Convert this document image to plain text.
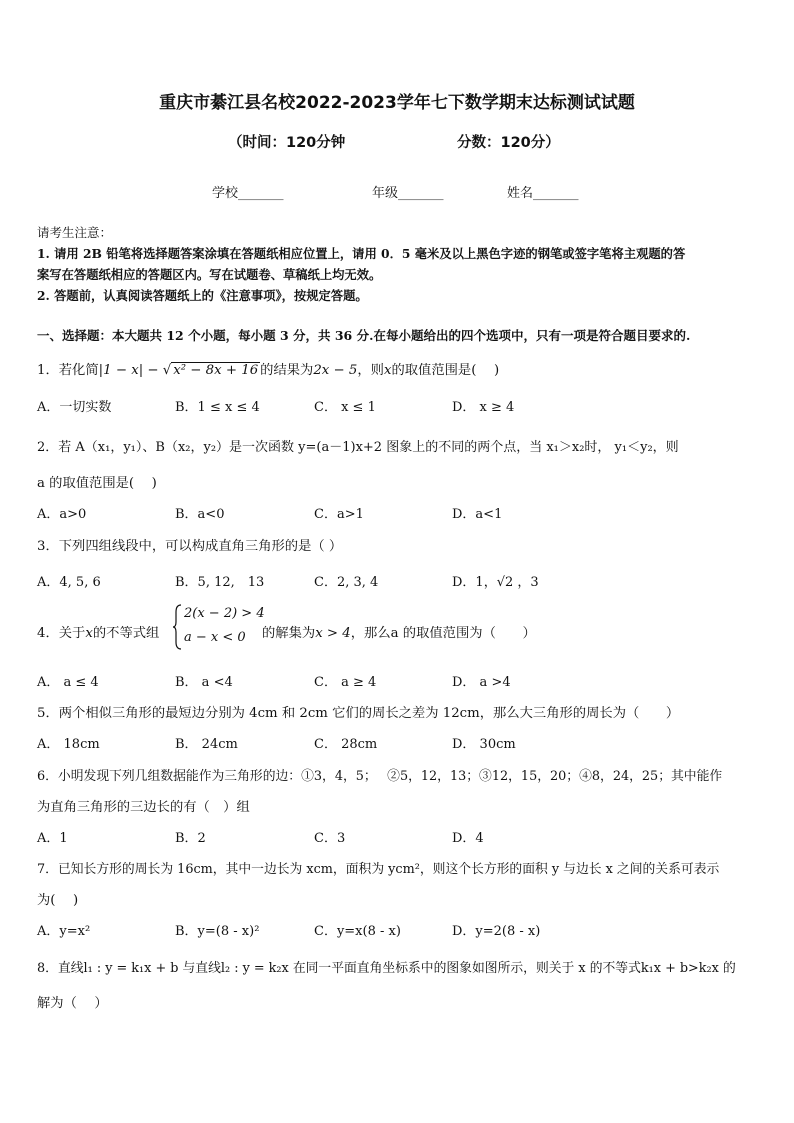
重庆市綦江县名校2022-2023学年七下数学期末达标测试试题
（时间：120分钟	分数：120分）
学校_______	年级_______	姓名_______
请考生注意：
1. 请用 2B 铅笔将选择题答案涂填在答题纸相应位置上，请用 0．5 毫米及以上黑色字迹的钢笔或签字笔将主观题的答
案写在答题纸相应的答题区内。写在试题卷、草稿纸上均无效。
2. 答题前，认真阅读答题纸上的《注意事项》，按规定答题。
一、选择题：本大题共 12 个小题，每小题 3 分，共 36 分.在每小题给出的四个选项中，只有一项是符合题目要求的.
1．若化简|1 − x| − √ x² − 8x + 16 的结果为2x − 5，则x的取值范围是(　 )
A．一切实数	B．1 ≤ x ≤ 4	C． x ≤ 1	D． x ≥ 4
2．若 A（x₁，y₁）、B（x₂，y₂）是一次函数 y=(a－1)x+2 图象上的不同的两个点，当 x₁＞x₂时， y₁＜y₂，则
a 的取值范围是(　 )
A．a>0	B．a<0	C．a>1	D．a<1
3．下列四组线段中，可以构成直角三角形的是（ ）
A．4, 5, 6	B．5, 12,　13	C．2, 3, 4	D．1，√2 ，3
4．关于x的不等式组
2(x − 2) > 4
a − x < 0 的解集为x > 4，那么a 的取值范围为（　　）
A． a ≤ 4	B． a <4	C． a ≥ 4	D． a >4
5．两个相似三角形的最短边分别为 4cm 和 2cm 它们的周长之差为 12cm，那么大三角形的周长为（　　）
A． 18cm	B． 24cm	C． 28cm	D． 30cm
6．小明发现下列几组数据能作为三角形的边：①3，4，5；　 ②5，12，13；③12，15，20；④8，24，25；其中能作
为直角三角形的三边长的有（　）组
A．1	B．2	C．3	D．4
7．已知长方形的周长为 16cm，其中一边长为 xcm，面积为 ycm²，则这个长方形的面积 y 与边长 x 之间的关系可表示
为(　 )
A．y=x²	B．y=(8 - x)²	C．y=x(8 - x)	D．y=2(8 - x)
8．直线l₁ : y = k₁x + b 与直线l₂ : y = k₂x 在同一平面直角坐标系中的图象如图所示，则关于 x 的不等式k₁x + b>k₂x 的
解为（　 ）
